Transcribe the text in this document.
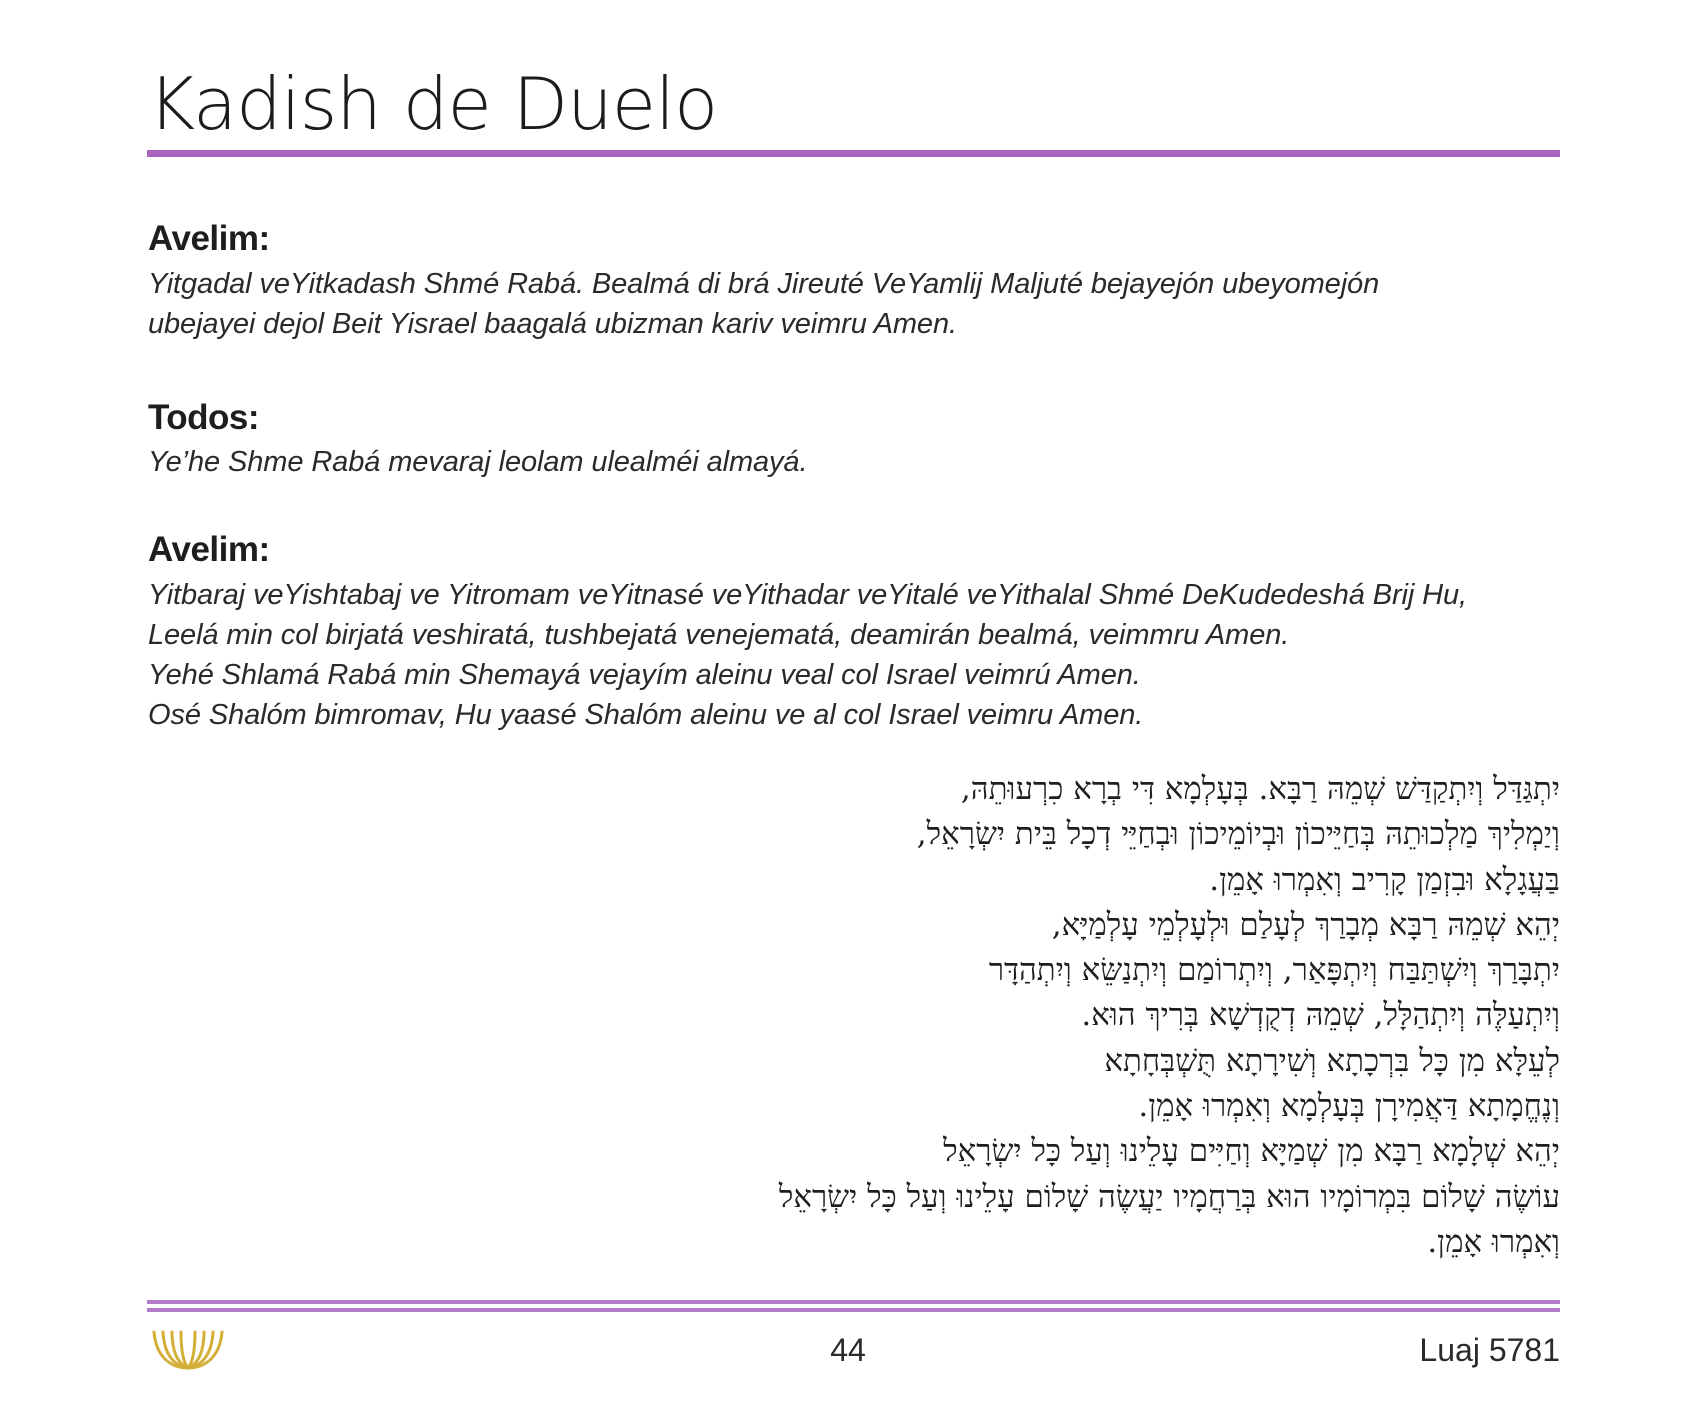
Kadish de Duelo
Avelim:
Yitgadal veYitkadash Shmé Rabá. Bealmá di brá Jireuté VeYamlij Maljuté bejayejón ubeyomejón
ubejayei dejol Beit Yisrael baagalá ubizman kariv veimru Amen.
Todos:
Ye’he Shme Rabá mevaraj leolam ulealméi almayá.
Avelim:
Yitbaraj veYishtabaj ve Yitromam veYitnasé veYithadar veYitalé veYithalal Shmé DeKudedeshá Brij Hu,
Leelá min col birjatá veshiratá, tushbejatá venejematá, deamirán bealmá, veimmru Amen.
Yehé Shlamá Rabá min Shemayá vejayím aleinu veal col Israel veimrú Amen.
Osé Shalóm bimromav, Hu yaasé Shalóm aleinu ve al col Israel veimru Amen.
יִתְגַּדַּל וְיִתְקַדַּשׁ שְׁמֵהּ רַבָּא. בְּעָלְמָא דִּי בְרָא כִרְעוּתֵהּ,
וְיַמְלִיךְ מַלְכוּתֵהּ בְּחַיֵּיכוֹן וּבְיוֹמֵיכוֹן וּבְחַיֵּי דְכָל בֵּית יִשְׂרָאֵל,
בַּעֲגָלָא וּבִזְמַן קָרִיב וְאִמְרוּ אָמֵן.
יְהֵא שְׁמֵהּ רַבָּא מְבָרַךְ לְעָלַם וּלְעָלְמֵי עָלְמַיָּא,
יִתְבָּרַךְ וְיִשְׁתַּבַּח וְיִתְפָּאַר, וְיִתְרוֹמַם וְיִתְנַשֵּׂא וְיִתְהַדָּר
וְיִתְעַלֶּה וְיִתְהַלָּל, שְׁמֵהּ דְקֻדְשָׁא בְּרִיךְ הוּא.
לְעֵלָּא מִן כָּל בִּרְכָתָא וְשִׁירָתָא תֻּשְׁבְּחָתָא
וְנֶחֱמָתָא דַּאֲמִירָן בְּעָלְמָא וְאִמְרוּ אָמֵן.
יְהֵא שְׁלָמָא רַבָּא מִן שְׁמַיָּא וְחַיִּים עָלֵינוּ וְעַל כָּל יִשְׂרָאֵל
עוֹשֶׂה שָׁלוֹם בִּמְרוֹמָיו הוּא בְּרַחֲמָיו יַעֲשֶׂה שָׁלוֹם עָלֵינוּ וְעַל כָּל יִשְׂרָאֵל
וְאִמְרוּ אָמֵן.
44	Luaj 5781
